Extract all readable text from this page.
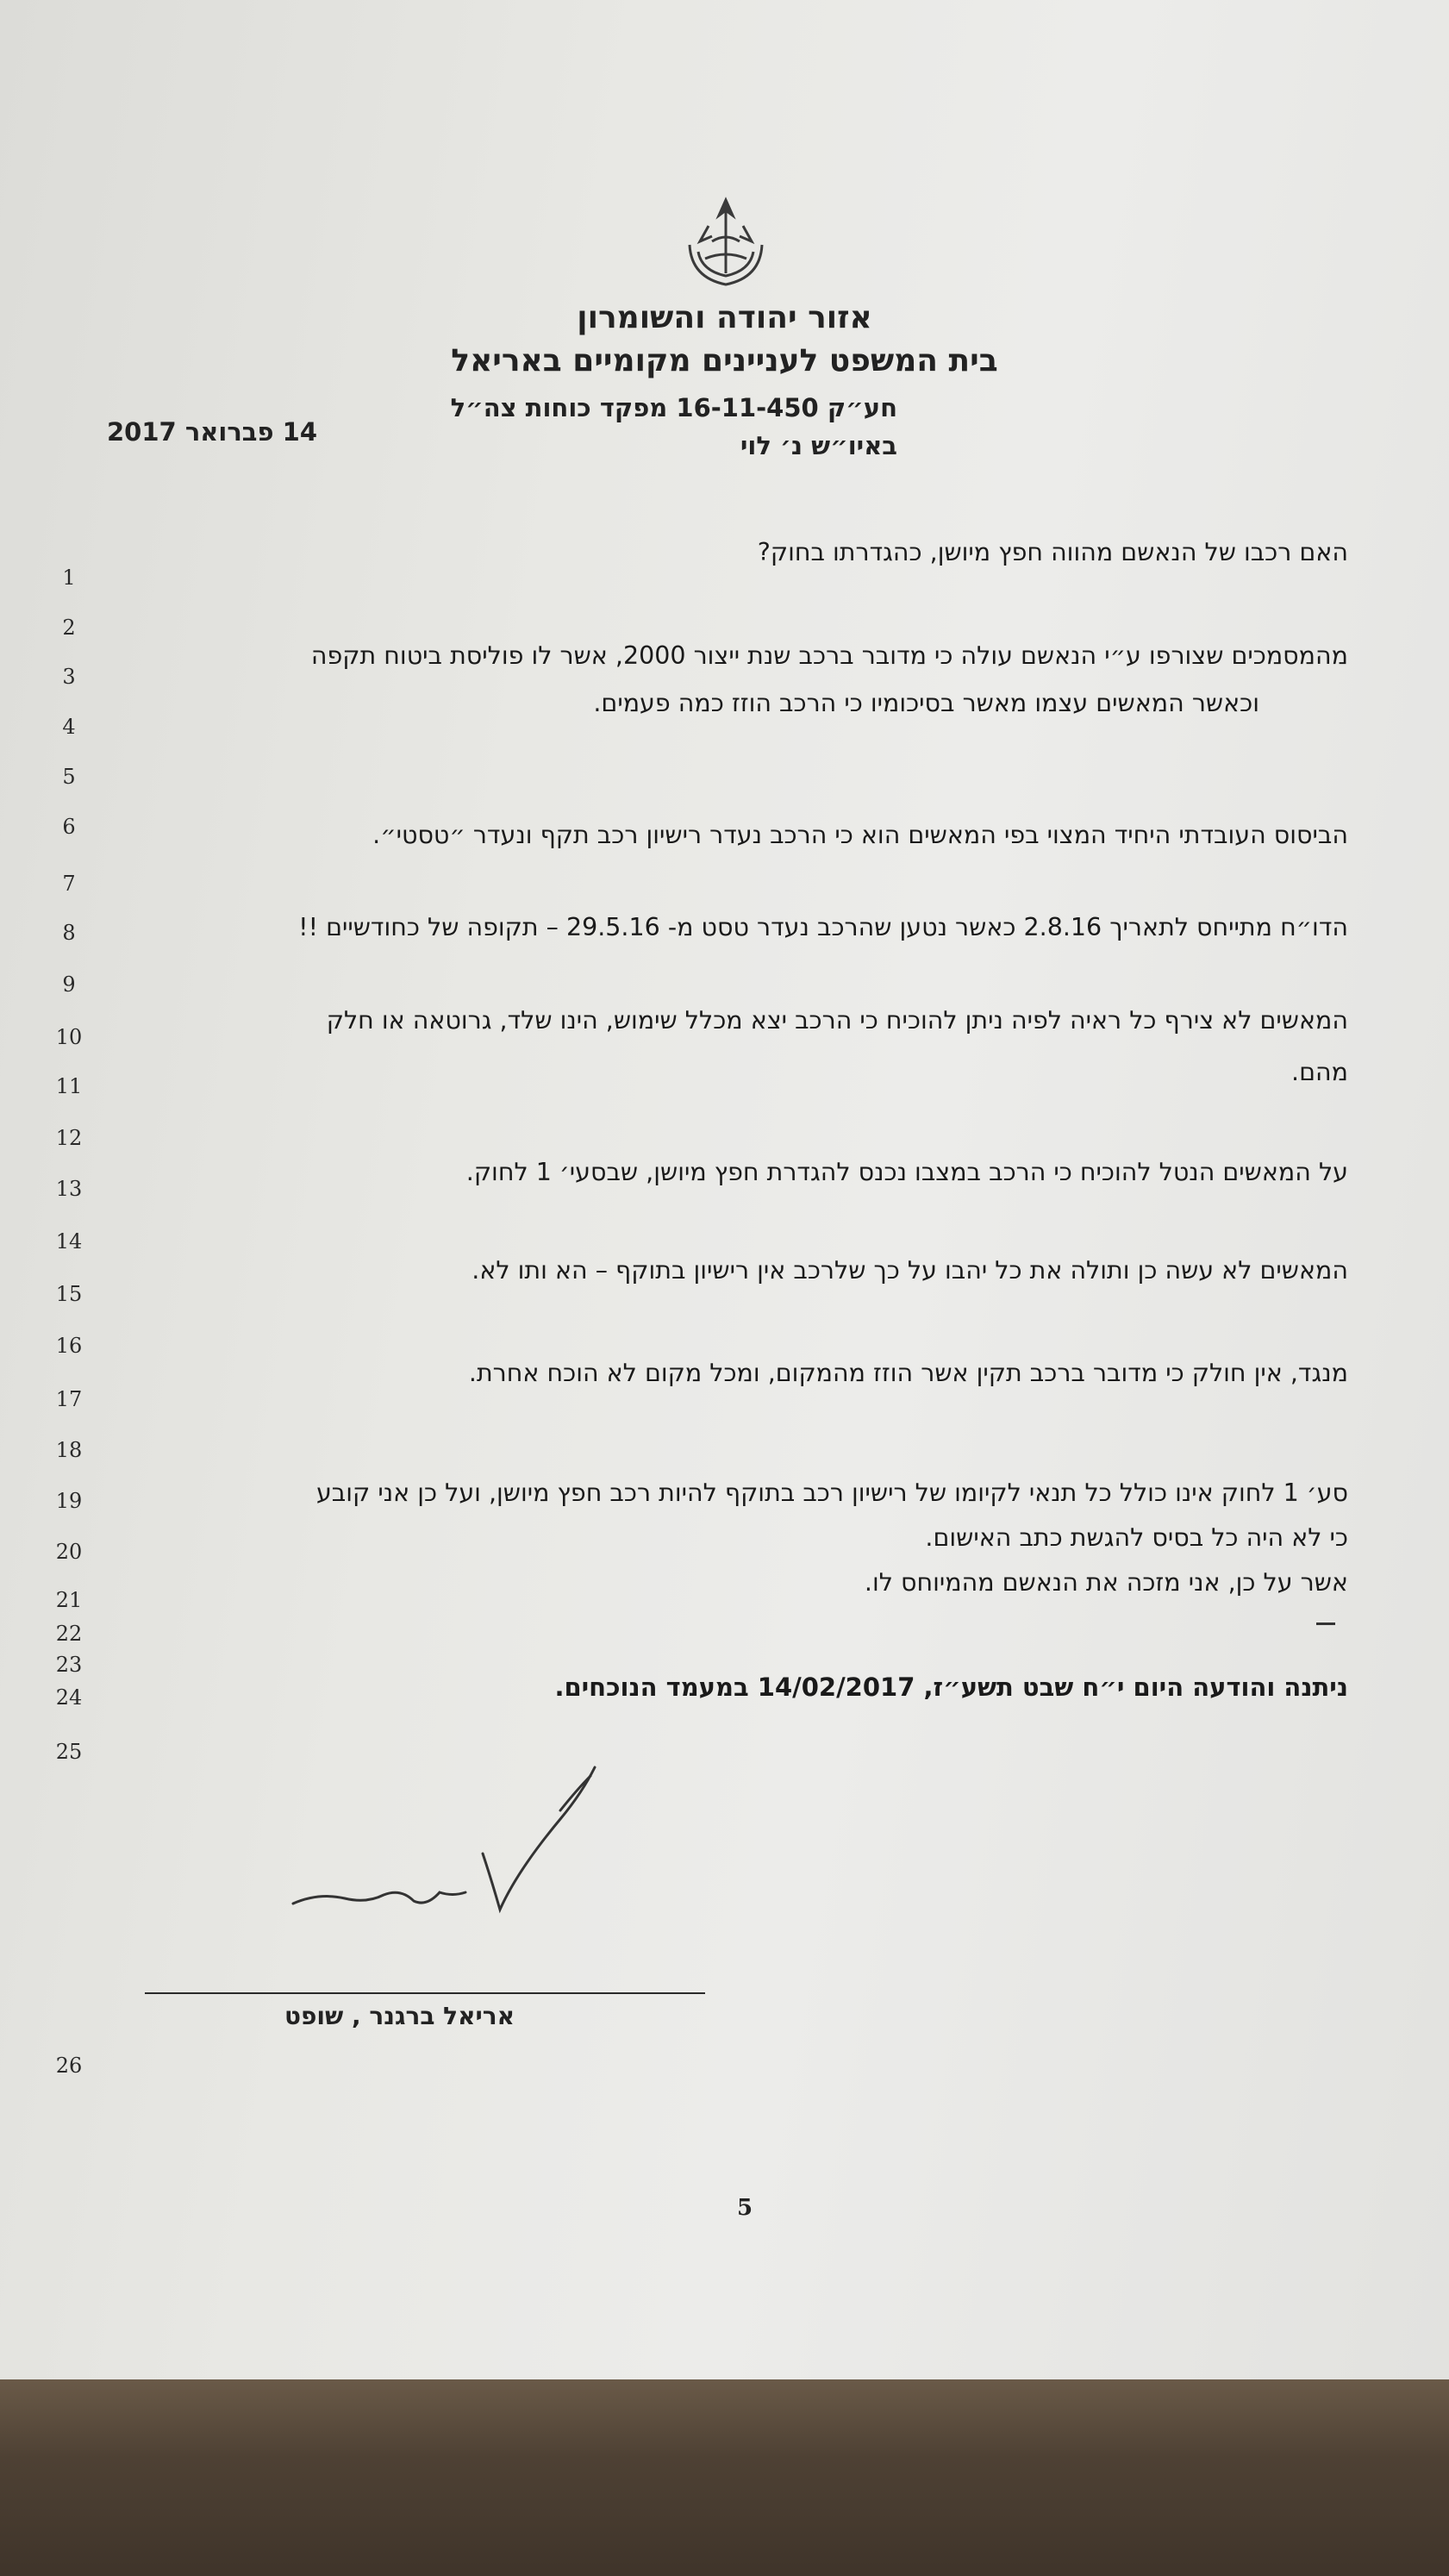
אזור יהודה והשומרון
בית המשפט לעניינים מקומיים באריאל
חע״ק 16-11-450 מפקד כוחות צה״ל
באיו״ש נ׳ לוי
14 פברואר 2017
1
2
3
4
5
6
7
8
9
10
11
12
13
14
15
16
17
18
19
20
21
22
23
24
25
26

האם רכבו של הנאשם מהווה חפץ מיושן, כהגדרתו בחוק?

מהמסמכים שצורפו ע״י הנאשם עולה כי מדובר ברכב שנת ייצור 2000, אשר לו פוליסת ביטוח תקפה

וכאשר המאשים עצמו מאשר בסיכומיו כי הרכב הוזז כמה פעמים.

הביסוס העובדתי היחיד המצוי בפי המאשים הוא כי הרכב נעדר רישיון רכב תקף ונעדר ״טסטי״.

הדו״ח מתייחס לתאריך 2.8.16 כאשר נטען שהרכב נעדר טסט מ- 29.5.16 – תקופה של כחודשיים !!

המאשים לא צירף כל ראיה לפיה ניתן להוכיח כי הרכב יצא מכלל שימוש, הינו שלד, גרוטאה או חלק

מהם.

על המאשים הנטל להוכיח כי הרכב במצבו נכנס להגדרת חפץ מיושן, שבסעי׳ 1 לחוק.

המאשים לא עשה כן ותולה את כל יהבו על כך שלרכב אין רישיון בתוקף – הא ותו לא.

מנגד, אין חולק כי מדובר ברכב תקין אשר הוזז מהמקום, ומכל מקום לא הוכח אחרת.

סע׳ 1 לחוק אינו כולל כל תנאי לקיומו של רישיון רכב בתוקף להיות רכב חפץ מיושן, ועל כן אני קובע

כי לא היה כל בסיס להגשת כתב האישום.

אשר על כן, אני מזכה את הנאשם מהמיוחס לו.

ניתנה והודעה היום י״ח שבט תשע״ז, 14/02/2017 במעמד הנוכחים.

אריאל ברגנר , שופט
5
